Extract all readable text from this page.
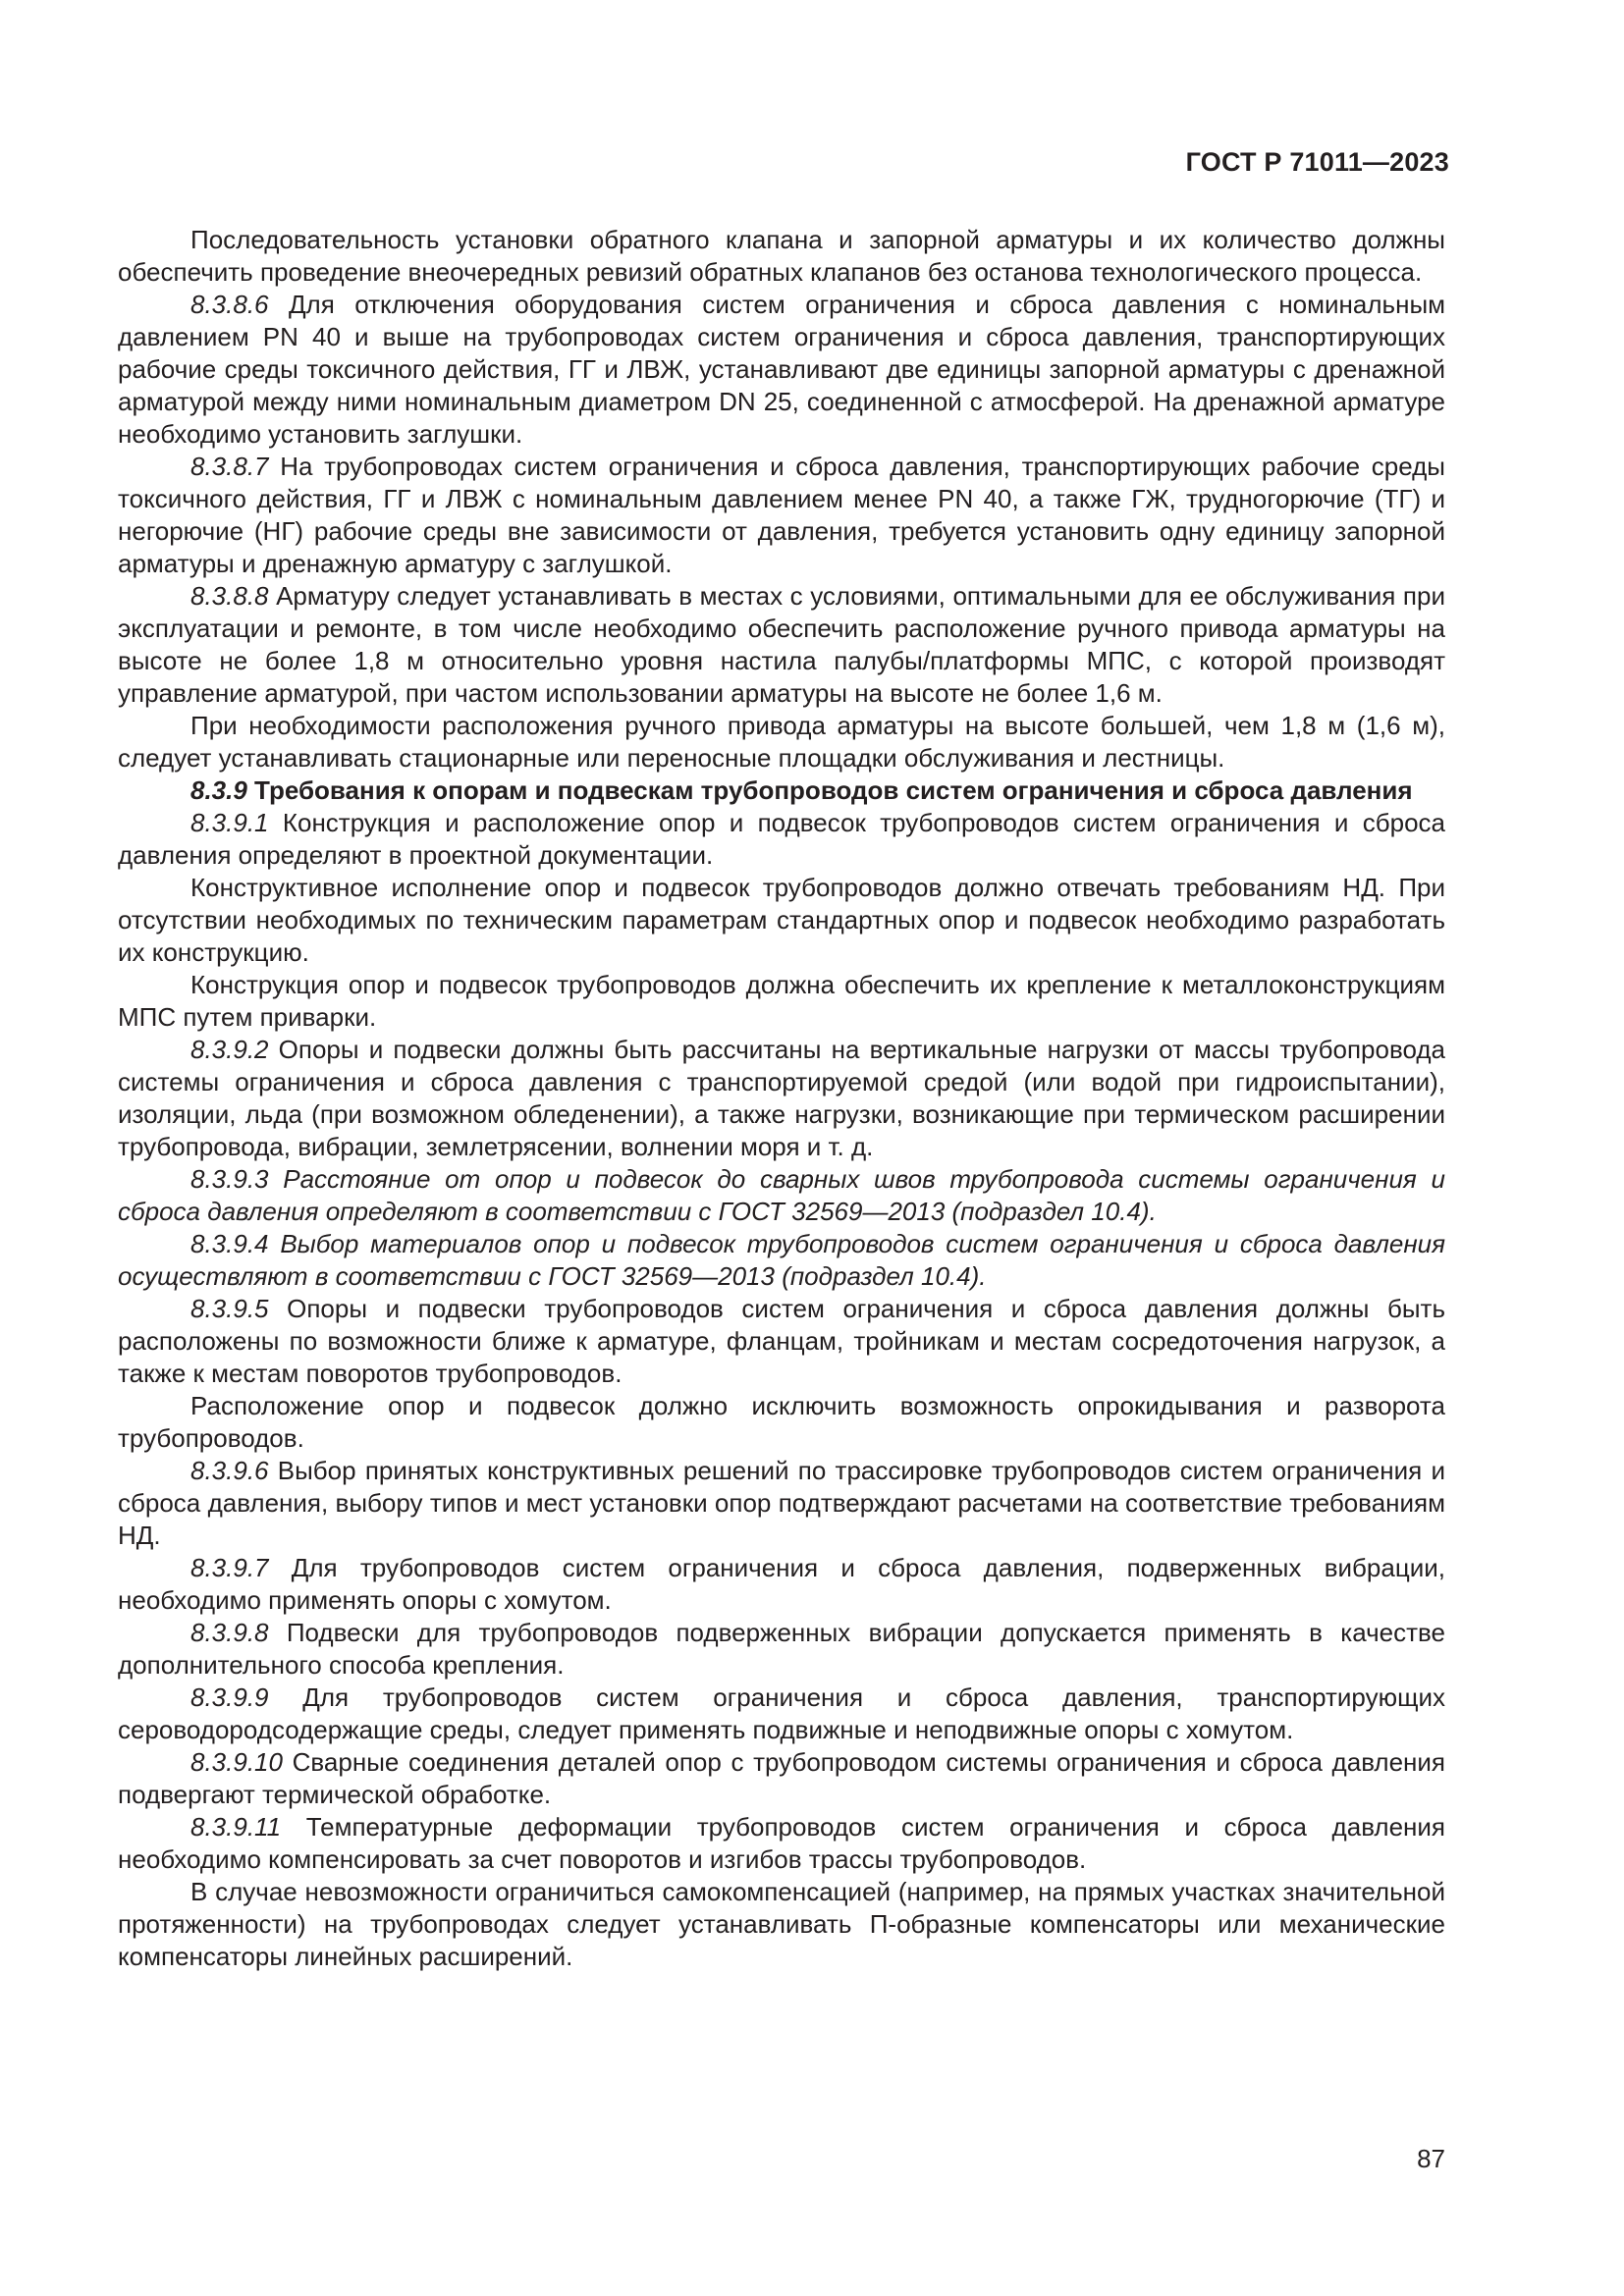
ГОСТ Р 71011—2023

Последовательность установки обратного клапана и запорной арматуры и их количество должны обеспечить проведение внеочередных ревизий обратных клапанов без останова технологического процесса.

8.3.8.6 Для отключения оборудования систем ограничения и сброса давления с номинальным давлением PN 40 и выше на трубопроводах систем ограничения и сброса давления, транспортирующих рабочие среды токсичного действия, ГГ и ЛВЖ, устанавливают две единицы запорной арматуры с дренажной арматурой между ними номинальным диаметром DN 25, соединенной с атмосферой. На дренажной арматуре необходимо установить заглушки.

8.3.8.7 На трубопроводах систем ограничения и сброса давления, транспортирующих рабочие среды токсичного действия, ГГ и ЛВЖ с номинальным давлением менее PN 40, а также ГЖ, трудногорючие (ТГ) и негорючие (НГ) рабочие среды вне зависимости от давления, требуется установить одну единицу запорной арматуры и дренажную арматуру с заглушкой.

8.3.8.8 Арматуру следует устанавливать в местах с условиями, оптимальными для ее обслуживания при эксплуатации и ремонте, в том числе необходимо обеспечить расположение ручного привода арматуры на высоте не более 1,8 м относительно уровня настила палубы/платформы МПС, с которой производят управление арматурой, при частом использовании арматуры на высоте не более 1,6 м.

При необходимости расположения ручного привода арматуры на высоте большей, чем 1,8 м (1,6 м), следует устанавливать стационарные или переносные площадки обслуживания и лестницы.

8.3.9 Требования к опорам и подвескам трубопроводов систем ограничения и сброса давления

8.3.9.1 Конструкция и расположение опор и подвесок трубопроводов систем ограничения и сброса давления определяют в проектной документации.

Конструктивное исполнение опор и подвесок трубопроводов должно отвечать требованиям НД. При отсутствии необходимых по техническим параметрам стандартных опор и подвесок необходимо разработать их конструкцию.

Конструкция опор и подвесок трубопроводов должна обеспечить их крепление к металлоконструкциям МПС путем приварки.

8.3.9.2 Опоры и подвески должны быть рассчитаны на вертикальные нагрузки от массы трубопровода системы ограничения и сброса давления с транспортируемой средой (или водой при гидроиспытании), изоляции, льда (при возможном обледенении), а также нагрузки, возникающие при термическом расширении трубопровода, вибрации, землетрясении, волнении моря и т. д.

8.3.9.3 Расстояние от опор и подвесок до сварных швов трубопровода системы ограничения и сброса давления определяют в соответствии с ГОСТ 32569—2013 (подраздел 10.4).

8.3.9.4 Выбор материалов опор и подвесок трубопроводов систем ограничения и сброса давления осуществляют в соответствии с ГОСТ 32569—2013 (подраздел 10.4).

8.3.9.5 Опоры и подвески трубопроводов систем ограничения и сброса давления должны быть расположены по возможности ближе к арматуре, фланцам, тройникам и местам сосредоточения нагрузок, а также к местам поворотов трубопроводов.

Расположение опор и подвесок должно исключить возможность опрокидывания и разворота трубопроводов.

8.3.9.6 Выбор принятых конструктивных решений по трассировке трубопроводов систем ограничения и сброса давления, выбору типов и мест установки опор подтверждают расчетами на соответствие требованиям НД.

8.3.9.7 Для трубопроводов систем ограничения и сброса давления, подверженных вибрации, необходимо применять опоры с хомутом.

8.3.9.8 Подвески для трубопроводов подверженных вибрации допускается применять в качестве дополнительного способа крепления.

8.3.9.9 Для трубопроводов систем ограничения и сброса давления, транспортирующих сероводородсодержащие среды, следует применять подвижные и неподвижные опоры с хомутом.

8.3.9.10 Сварные соединения деталей опор с трубопроводом системы ограничения и сброса давления подвергают термической обработке.

8.3.9.11 Температурные деформации трубопроводов систем ограничения и сброса давления необходимо компенсировать за счет поворотов и изгибов трассы трубопроводов.

В случае невозможности ограничиться самокомпенсацией (например, на прямых участках значительной протяженности) на трубопроводах следует устанавливать П-образные компенсаторы или механические компенсаторы линейных расширений.

87
